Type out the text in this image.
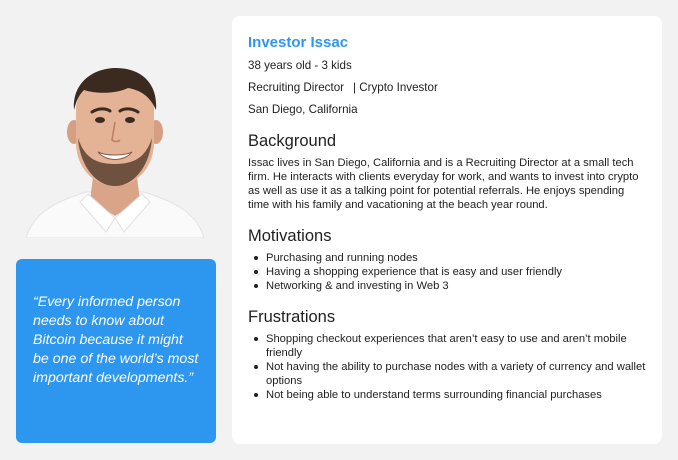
“Every informed person needs to know about Bitcoin because it might be one of the world’s most important developments.”
Investor Issac
38 years old - 3 kids
Recruiting Director | Crypto Investor
San Diego, California
Background
Issac lives in San Diego, California and is a Recruiting Director at a small tech firm. He interacts with clients everyday for work, and wants to invest into crypto as well as use it as a talking point for potential referrals. He enjoys spending time with his family and vacationing at the beach year round.
Motivations
Purchasing and running nodes
Having a shopping experience that is easy and user friendly
Networking & and investing in Web 3
Frustrations
Shopping checkout experiences that aren’t easy to use and aren’t mobile friendly
Not having the ability to purchase nodes with a variety of currency and wallet options
Not being able to understand terms surrounding financial purchases
